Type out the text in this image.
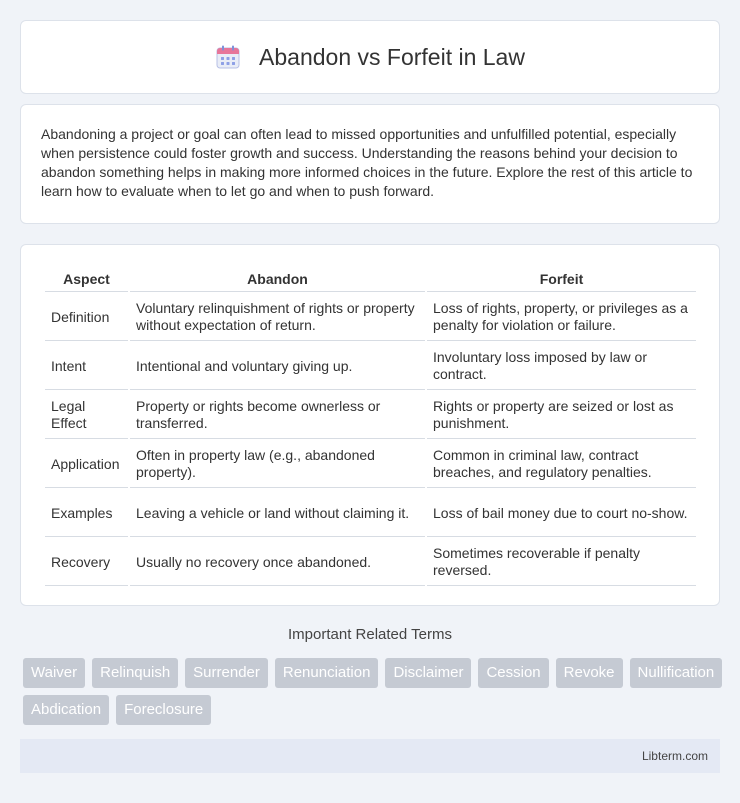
Abandon vs Forfeit in Law

Abandoning a project or goal can often lead to missed opportunities and unfulfilled potential, especially when persistence could foster growth and success. Understanding the reasons behind your decision to abandon something helps in making more informed choices in the future. Explore the rest of this article to learn how to evaluate when to let go and when to push forward.

Aspect	Abandon	Forfeit
Definition	Voluntary relinquishment of rights or property without expectation of return.	Loss of rights, property, or privileges as a penalty for violation or failure.
Intent	Intentional and voluntary giving up.	Involuntary loss imposed by law or contract.
Legal Effect	Property or rights become ownerless or transferred.	Rights or property are seized or lost as punishment.
Application	Often in property law (e.g., abandoned property).	Common in criminal law, contract breaches, and regulatory penalties.
Examples	Leaving a vehicle or land without claiming it.	Loss of bail money due to court no-show.
Recovery	Usually no recovery once abandoned.	Sometimes recoverable if penalty reversed.
Important Related Terms
Waiver	Relinquish	Surrender	Renunciation	Disclaimer	Cession	Revoke	Nullification
Abdication	Foreclosure
Libterm.com
